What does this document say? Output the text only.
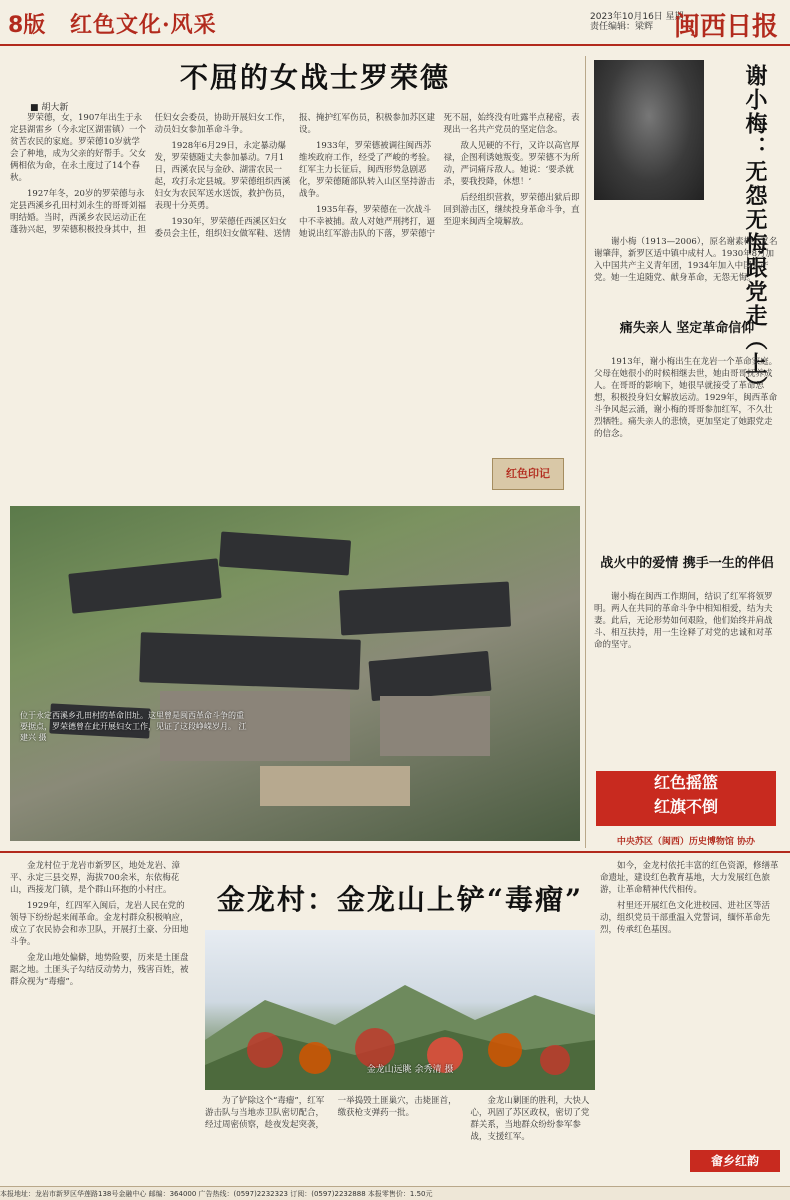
8版 红色文化·风采	2023年10月16日 星期一
责任编辑：梁辉 闽西日报
不屈的女战士罗荣德
■ 胡大新

罗荣德，女，1907年出生于永定县湖雷乡（今永定区湖雷镇）一个贫苦农民的家庭。罗荣德10岁就学会了种地，成为父亲的好帮手。父女俩相依为命，在永土度过了14个春秋。

1927年冬，20岁的罗荣德与永定县西溪乡孔田村刘永生的哥哥刘福明结婚。当时，西溪乡农民运动正在蓬勃兴起，罗荣德积极投身其中，担任妇女会委员，协助开展妇女工作，动员妇女参加革命斗争。

1928年6月29日，永定暴动爆发，罗荣德随丈夫参加暴动。7月1日，西溪农民与金砂、湖雷农民一起，攻打永定县城。罗荣德组织西溪妇女为农民军送水送饭，救护伤员，表现十分英勇。

1930年，罗荣德任西溪区妇女委员会主任，组织妇女做军鞋、送情报、掩护红军伤员，积极参加苏区建设。

1933年，罗荣德被调往闽西苏维埃政府工作，经受了严峻的考验。红军主力长征后，闽西形势急剧恶化，罗荣德随部队转入山区坚持游击战争。

1935年春，罗荣德在一次战斗中不幸被捕。敌人对她严刑拷打，逼她说出红军游击队的下落，罗荣德宁死不屈，始终没有吐露半点秘密，表现出一名共产党员的坚定信念。

敌人见硬的不行，又许以高官厚禄，企图利诱她叛变。罗荣德不为所动，严词痛斥敌人。她说：‘要杀就杀，要我投降，休想！’

后经组织营救，罗荣德出狱后即回到游击区，继续投身革命斗争，直至迎来闽西全境解放。

红色印记
位于永定西溪乡孔田村的革命旧址。这里曾是闽西革命斗争的重要据点，罗荣德曾在此开展妇女工作，见证了这段峥嵘岁月。 江建兴 摄
谢小梅：无怨无悔跟党走（上）

谢小梅（1913—2006），原名谢素梅，又名谢肇萍，新罗区适中镇中成村人。1930年8月加入中国共产主义青年团，1934年加入中国共产党。她一生追随党、献身革命，无怨无悔。

痛失亲人 坚定革命信仰

1913年，谢小梅出生在龙岩一个革命家庭。父母在她很小的时候相继去世，她由哥哥抚养成人。在哥哥的影响下，她很早就接受了革命思想，积极投身妇女解放运动。1929年，闽西革命斗争风起云涌，谢小梅的哥哥参加红军，不久壮烈牺牲。痛失亲人的悲愤，更加坚定了她跟党走的信念。

战火中的爱情 携手一生的伴侣

谢小梅在闽西工作期间，结识了红军将领罗明。两人在共同的革命斗争中相知相爱，结为夫妻。此后，无论形势如何艰险，他们始终并肩战斗、相互扶持，用一生诠释了对党的忠诚和对革命的坚守。

红色摇篮
红旗不倒
中央苏区（闽西）历史博物馆 协办

金龙村位于龙岩市新罗区，地处龙岩、漳平、永定三县交界，海拔700余米，东依梅花山，西接龙门镇，是个群山环抱的小村庄。

1929年，红四军入闽后，龙岩人民在党的领导下纷纷起来闹革命。金龙村群众积极响应，成立了农民协会和赤卫队，开展打土豪、分田地斗争。

金龙山地处偏僻，地势险要，历来是土匪盘踞之地。土匪头子勾结反动势力，残害百姓，被群众视为“毒瘤”。

金龙村：金龙山上铲“毒瘤”
金龙山远眺 余秀清 摄

为了铲除这个“毒瘤”，红军游击队与当地赤卫队密切配合，经过周密侦察，趁夜发起突袭，一举捣毁土匪巢穴，击毙匪首，缴获枪支弹药一批。

金龙山剿匪的胜利，大快人心，巩固了苏区政权，密切了党群关系，当地群众纷纷参军参战，支援红军。

如今，金龙村依托丰富的红色资源，修缮革命遗址，建设红色教育基地，大力发展红色旅游，让革命精神代代相传。

村里还开展红色文化进校园、进社区等活动，组织党员干部重温入党誓词，缅怀革命先烈，传承红色基因。

畲乡红韵
本报地址：龙岩市新罗区华莲路138号金融中心 邮编：364000 广告热线：(0597)2232323 订阅：(0597)2232888 本报零售价：1.50元
